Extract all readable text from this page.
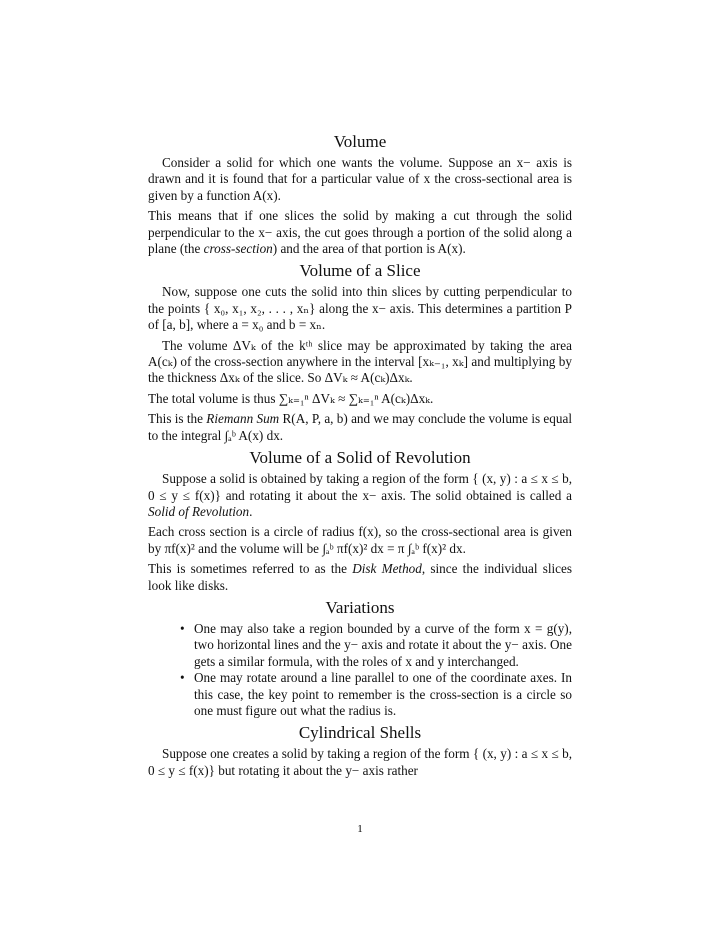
Volume

Consider a solid for which one wants the volume. Suppose an x− axis is drawn and it is found that for a particular value of x the cross-sectional area is given by a function A(x).

This means that if one slices the solid by making a cut through the solid perpendicular to the x− axis, the cut goes through a portion of the solid along a plane (the cross-section) and the area of that portion is A(x).

Volume of a Slice

Now, suppose one cuts the solid into thin slices by cutting perpendicular to the points { x₀, x₁, x₂, . . . , xₙ} along the x− axis. This determines a partition P of [a, b], where a = x₀ and b = xₙ.

The volume ΔVₖ of the kᵗʰ slice may be approximated by taking the area A(cₖ) of the cross-section anywhere in the interval [xₖ₋₁, xₖ] and multiplying by the thickness Δxₖ of the slice. So ΔVₖ ≈ A(cₖ)Δxₖ.

The total volume is thus ∑ₖ₌₁ⁿ ΔVₖ ≈ ∑ₖ₌₁ⁿ A(cₖ)Δxₖ.

This is the Riemann Sum R(A, P, a, b) and we may conclude the volume is equal to the integral ∫ₐᵇ A(x) dx.

Volume of a Solid of Revolution

Suppose a solid is obtained by taking a region of the form { (x, y) : a ≤ x ≤ b, 0 ≤ y ≤ f(x)} and rotating it about the x− axis. The solid obtained is called a Solid of Revolution.

Each cross section is a circle of radius f(x), so the cross-sectional area is given by πf(x)² and the volume will be ∫ₐᵇ πf(x)² dx = π ∫ₐᵇ f(x)² dx.

This is sometimes referred to as the Disk Method, since the individual slices look like disks.

Variations
• One may also take a region bounded by a curve of the form x = g(y), two horizontal lines and the y− axis and rotate it about the y− axis. One gets a similar formula, with the roles of x and y interchanged.
• One may rotate around a line parallel to one of the coordinate axes. In this case, the key point to remember is the cross-section is a circle so one must figure out what the radius is.
Cylindrical Shells

Suppose one creates a solid by taking a region of the form { (x, y) : a ≤ x ≤ b, 0 ≤ y ≤ f(x)} but rotating it about the y− axis rather

1
